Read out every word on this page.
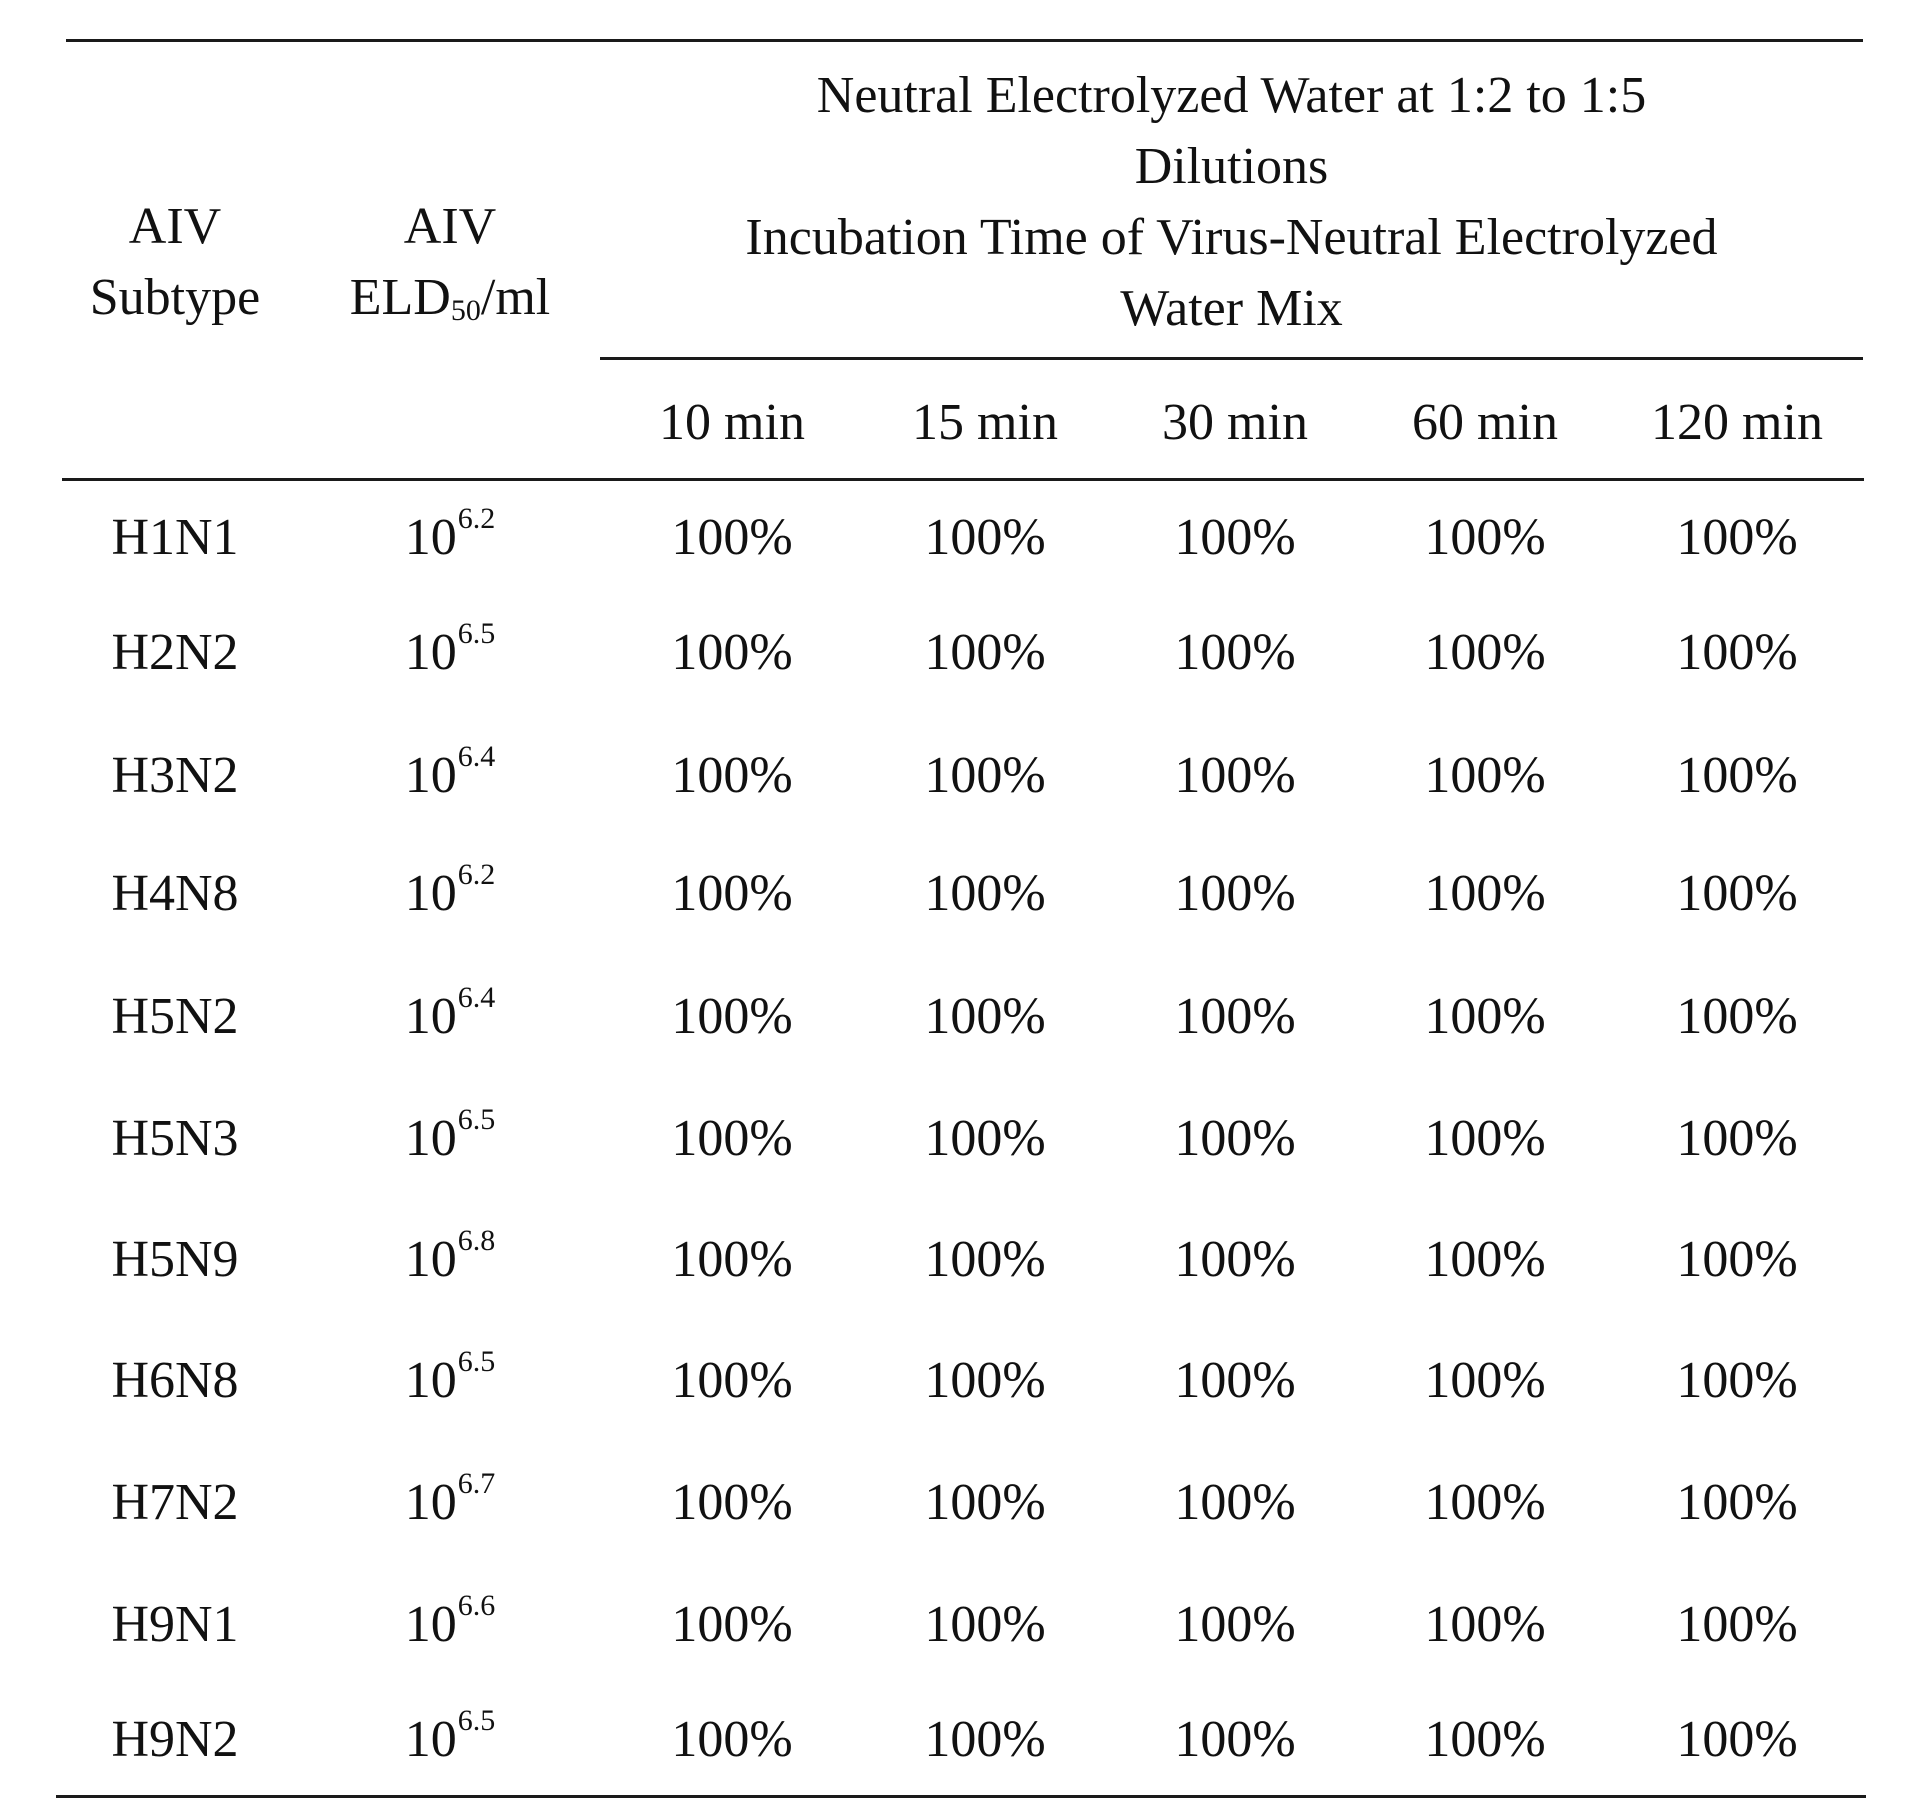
AIV
Subtype
AIV
$ELD_{50}/ml$
Neutral Electrolyzed Water at 1:2 to 1:5
Dilutions
Incubation Time of Virus-Neutral Electrolyzed
Water Mix
10 min	15 min	30 min	60 min	120 min
H1N1	$10^{6.2}$	100%	100%	100%	100%	100%
H2N2	$10^{6.5}$	100%	100%	100%	100%	100%
H3N2	$10^{6.4}$	100%	100%	100%	100%	100%
H4N8	$10^{6.2}$	100%	100%	100%	100%	100%
H5N2	$10^{6.4}$	100%	100%	100%	100%	100%
H5N3	$10^{6.5}$	100%	100%	100%	100%	100%
H5N9	$10^{6.8}$	100%	100%	100%	100%	100%
H6N8	$10^{6.5}$	100%	100%	100%	100%	100%
H7N2	$10^{6.7}$	100%	100%	100%	100%	100%
H9N1	$10^{6.6}$	100%	100%	100%	100%	100%
H9N2	$10^{6.5}$	100%	100%	100%	100%	100%
